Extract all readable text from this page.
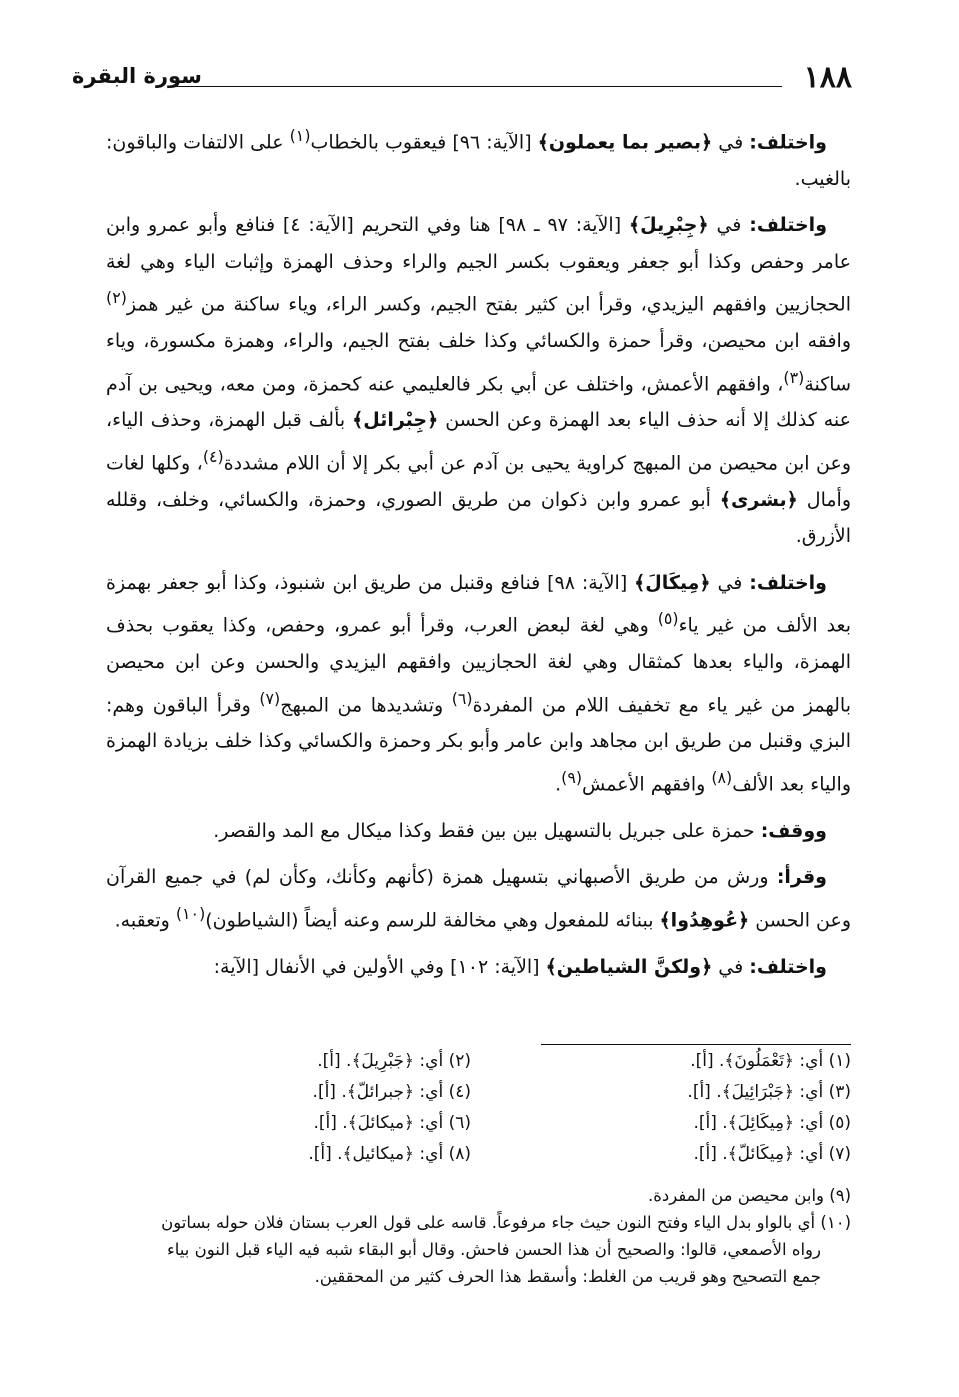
١٨٨
سورة البقرة

واختلف: في ﴿بصير بما يعملون﴾ [الآية: ٩٦] فيعقوب بالخطاب$^{(١)}$ على الالتفات والباقون: بالغيب.

واختلف: في ﴿جِبْرِيلَ﴾ [الآية: ٩٧ ـ ٩٨] هنا وفي التحريم [الآية: ٤] فنافع وأبو عمرو وابن عامر وحفص وكذا أبو جعفر ويعقوب بكسر الجيم والراء وحذف الهمزة وإثبات الياء وهي لغة الحجازيين وافقهم اليزيدي، وقرأ ابن كثير بفتح الجيم، وكسر الراء، وياء ساكنة من غير همز$^{(٢)}$ وافقه ابن محيصن، وقرأ حمزة والكسائي وكذا خلف بفتح الجيم، والراء، وهمزة مكسورة، وياء ساكنة$^{(٣)}$، وافقهم الأعمش، واختلف عن أبي بكر فالعليمي عنه كحمزة، ومن معه، ويحيى بن آدم عنه كذلك إلا أنه حذف الياء بعد الهمزة وعن الحسن ﴿جِبْرائل﴾ بألف قبل الهمزة، وحذف الياء، وعن ابن محيصن من المبهج كراوية يحيى بن آدم عن أبي بكر إلا أن اللام مشددة$^{(٤)}$، وكلها لغات وأمال ﴿بشرى﴾ أبو عمرو وابن ذكوان من طريق الصوري، وحمزة، والكسائي، وخلف، وقلله الأزرق.

واختلف: في ﴿مِيكَالَ﴾ [الآية: ٩٨] فنافع وقنبل من طريق ابن شنبوذ، وكذا أبو جعفر بهمزة بعد الألف من غير ياء$^{(٥)}$ وهي لغة لبعض العرب، وقرأ أبو عمرو، وحفص، وكذا يعقوب بحذف الهمزة، والياء بعدها كمثقال وهي لغة الحجازيين وافقهم اليزيدي والحسن وعن ابن محيصن بالهمز من غير ياء مع تخفيف اللام من المفردة$^{(٦)}$ وتشديدها من المبهج$^{(٧)}$ وقرأ الباقون وهم: البزي وقنبل من طريق ابن مجاهد وابن عامر وأبو بكر وحمزة والكسائي وكذا خلف بزيادة الهمزة والياء بعد الألف$^{(٨)}$ وافقهم الأعمش$^{(٩)}$.

ووقف: حمزة على جبريل بالتسهيل بين بين فقط وكذا ميكال مع المد والقصر.

وقرأ: ورش من طريق الأصبهاني بتسهيل همزة (كأنهم وكأنك، وكأن لم) في جميع القرآن وعن الحسن ﴿عُوهِدُوا﴾ ببنائه للمفعول وهي مخالفة للرسم وعنه أيضاً (الشياطون)$^{(١٠)}$ وتعقبه.

واختلف: في ﴿ولكنَّ الشياطين﴾ [الآية: ١٠٢] وفي الأولين في الأنفال [الآية:

(١) أي: ﴿تَعْمَلُونَ﴾. [أ].
(٢) أي: ﴿جَبْرِيلَ﴾. [أ].
(٣) أي: ﴿جَبْرَائِيلَ﴾. [أ].
(٤) أي: ﴿جبرائلّ﴾. [أ].
(٥) أي: ﴿مِيكَائِلَ﴾. [أ].
(٦) أي: ﴿ميكائلَ﴾. [أ].
(٧) أي: ﴿مِيكَائلّ﴾. [أ].
(٨) أي: ﴿ميكائيل﴾. [أ].

(٩) وابن محيصن من المفردة.

(١٠) أي بالواو بدل الياء وفتح النون حيث جاء مرفوعاً. قاسه على قول العرب بستان فلان حوله بساتون

رواه الأصمعي، قالوا: والصحيح أن هذا الحسن فاحش. وقال أبو البقاء شبه فيه الياء قبل النون بياء

جمع التصحيح وهو قريب من الغلط: وأسقط هذا الحرف كثير من المحققين.
